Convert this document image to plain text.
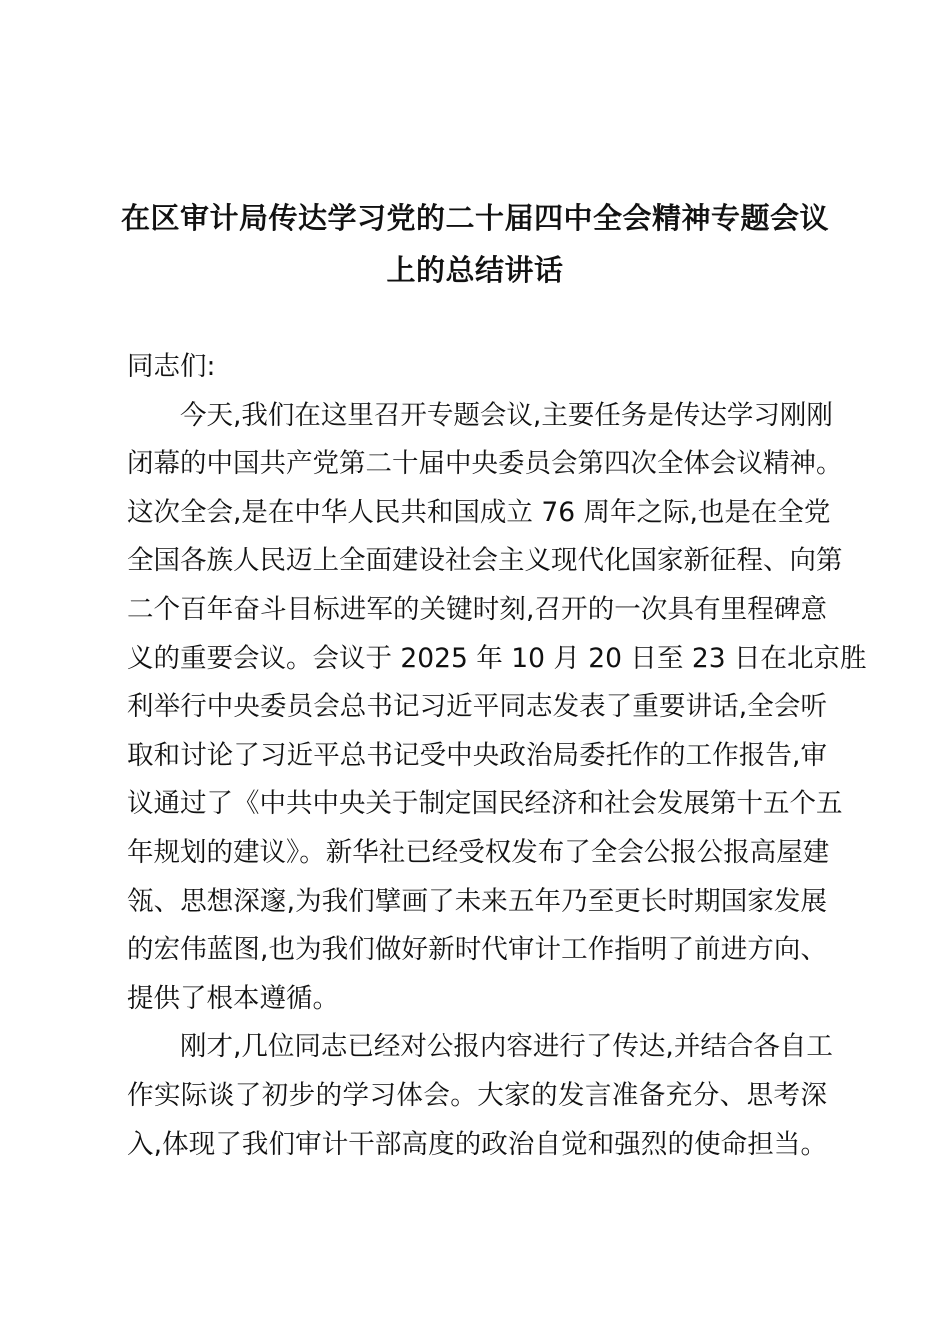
在区审计局传达学习党的二十届四中全会精神专题会议
上的总结讲话

同志们:

今天,我们在这里召开专题会议,主要任务是传达学习刚刚
闭幕的中国共产党第二十届中央委员会第四次全体会议精神。
这次全会,是在中华人民共和国成立 76 周年之际,也是在全党
全国各族人民迈上全面建设社会主义现代化国家新征程、向第
二个百年奋斗目标进军的关键时刻,召开的一次具有里程碑意
义的重要会议。会议于 2025 年 10 月 20 日至 23 日在北京胜
利举行中央委员会总书记习近平同志发表了重要讲话,全会听
取和讨论了习近平总书记受中央政治局委托作的工作报告,审
议通过了《中共中央关于制定国民经济和社会发展第十五个五
年规划的建议》。新华社已经受权发布了全会公报公报高屋建
瓴、思想深邃,为我们擘画了未来五年乃至更长时期国家发展
的宏伟蓝图,也为我们做好新时代审计工作指明了前进方向、
提供了根本遵循。

刚才,几位同志已经对公报内容进行了传达,并结合各自工
作实际谈了初步的学习体会。大家的发言准备充分、思考深
入,体现了我们审计干部高度的政治自觉和强烈的使命担当。
